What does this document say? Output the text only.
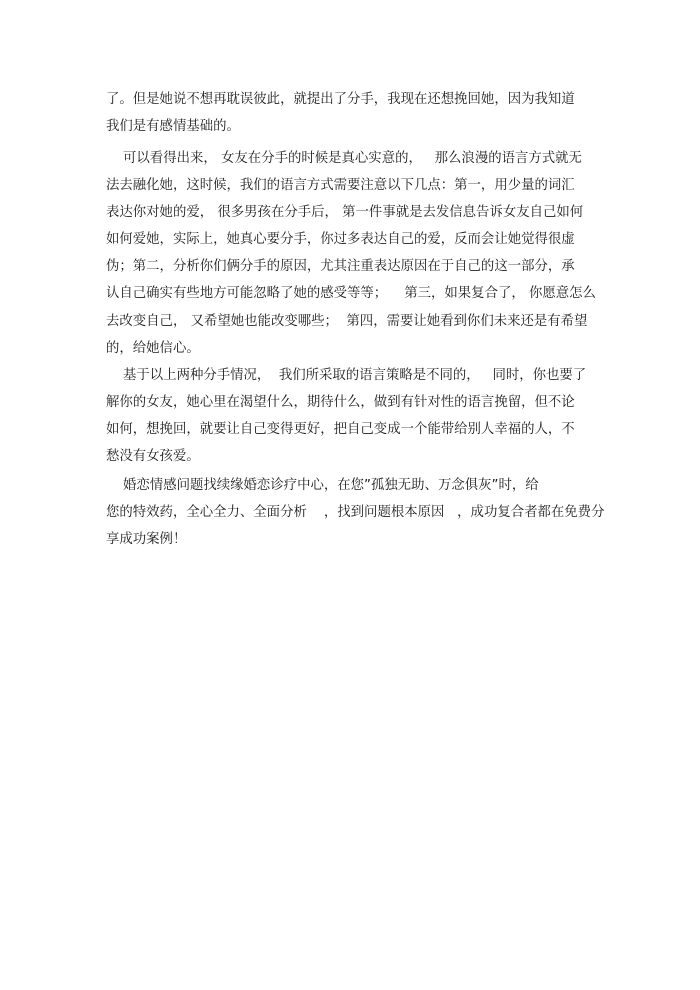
了。但是她说不想再耽误彼此，就提出了分手，我现在还想挽回她，因为我知道

我们是有感情基础的。

可以看得出来， 女友在分手的时候是真心实意的，   那么浪漫的语言方式就无

法去融化她，这时候，我们的语言方式需要注意以下几点：第一，用少量的词汇

表达你对她的爱， 很多男孩在分手后， 第一件事就是去发信息告诉女友自己如何

如何爱她，实际上，她真心要分手，你过多表达自己的爱，反而会让她觉得很虚

伪；第二，分析你们俩分手的原因，尤其注重表达原因在于自己的这一部分，承

认自己确实有些地方可能忽略了她的感受等等；    第三，如果复合了， 你愿意怎么

去改变自己， 又希望她也能改变哪些；  第四，需要让她看到你们未来还是有希望

的，给她信心。

基于以上两种分手情况，  我们所采取的语言策略是不同的，   同时，你也要了

解你的女友，她心里在渴望什么，期待什么，做到有针对性的语言挽留，但不论

如何，想挽回，就要让自己变得更好，把自己变成一个能带给别人幸福的人，不

愁没有女孩爱。

婚恋情感问题找续缘婚恋诊疗中心，在您”孤独无助、万念俱灰”时，给

您的特效药，全心全力、全面分析    ，找到问题根本原因   ，成功复合者都在免费分

享成功案例！
